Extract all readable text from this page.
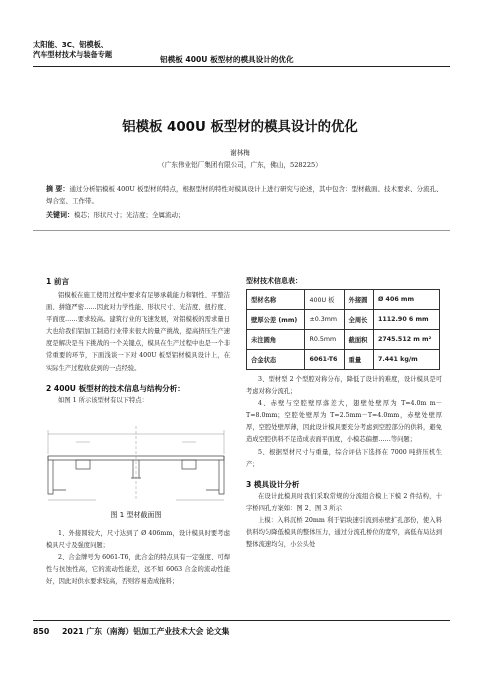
太阳能、3C、铝模板、
汽车型材技术与装备专题
铝模板 400U 板型材的模具设计的优化
铝模板 400U 板型材的模具设计的优化
谢林梅
（广东伟业铝厂集团有限公司，广东，佛山，528225）
摘 要：通过分析铝模板 400U 板型材的特点，根据型材的特性对模具设计上进行研究与论述，其中包含：型材截面、技术要求、分流孔、焊合室、工作带。
关键词：模芯；形状尺寸；光洁度；全属流动；
1 前言
铝模板在施工使用过程中要求有足够承载能力和钢性、平整洁面、拼缝严密……因此对力学性能、形状尺寸、光洁度、扭拧度、平面度……要求较高。建筑行业的飞速发展，对铝模板的需求量日大也给我们铝加工制造行业带来很大的量产挑战，提高挤压生产速度是解决是当下挑战的一个关键点，模具在生产过程中也是一个非常重要的环节，下面浅谈一下对 400U 板型铝材模具设计上，在实际生产过程收获到的一点经验。
2 400U 板型材的技术信息与结构分析：
如图 1 所示该型材有以下特点：
图 1 型材截面图
1、外接圆较大，尺寸达到了 Ø 406mm，设计模具时要考虑模具尺寸及强度问题；
2、合金牌号为 6061-T6，此合金的特点具有一定强度、可焊性与抗蚀性高，它的流动性能差，远不如 6063 合金的流动性能好，因此对供水要求较高，否则容易造成拖料；
型材技术信息表：
型材名称	400U 板	外接圆	Ø 406 mm
壁厚公差 (mm)	±0.3mm	全周长	1112.90 6 mm
未注圆角	R0.5mm	截面积	2745.512 m m²
合金状态	6061-T6	重量	7.441 kg/m
3、型材型 2 个型腔对称分布，降低了设计的难度，设计模具是可考虑对称分流孔；
4、赤壁与空腔壁厚落差大，翅壁处壁厚为 T=4.0m m－T=8.0mm；空腔处壁厚为 T=2.5mm－T=4.0mm，赤壁处壁厚厚，空腔处壁厚薄，因此设计模具要充分考虑到空腔部分的供料，避免造成空腔供料不足造成表面平面度，小模芯偏摆……等问题；
5、根据型材尺寸与重量，综合评估下选择在 7000 吨挤压机生产；
3 模具设计分析
在设计此模具时我们采取常规的分流组合模上下模 2 件结构，十字桥四孔方案如：图 2、图 3 所示
上模：入料沉桥 20mm 利于铝块速引流到赤壁扩孔部份，使入料供料均匀降低模具的整体压力，通过分流孔桥位的宽窄，高低布局达到整体流速均匀，小公头处
850 2021 广东（南海）铝加工产业技术大会 论文集
